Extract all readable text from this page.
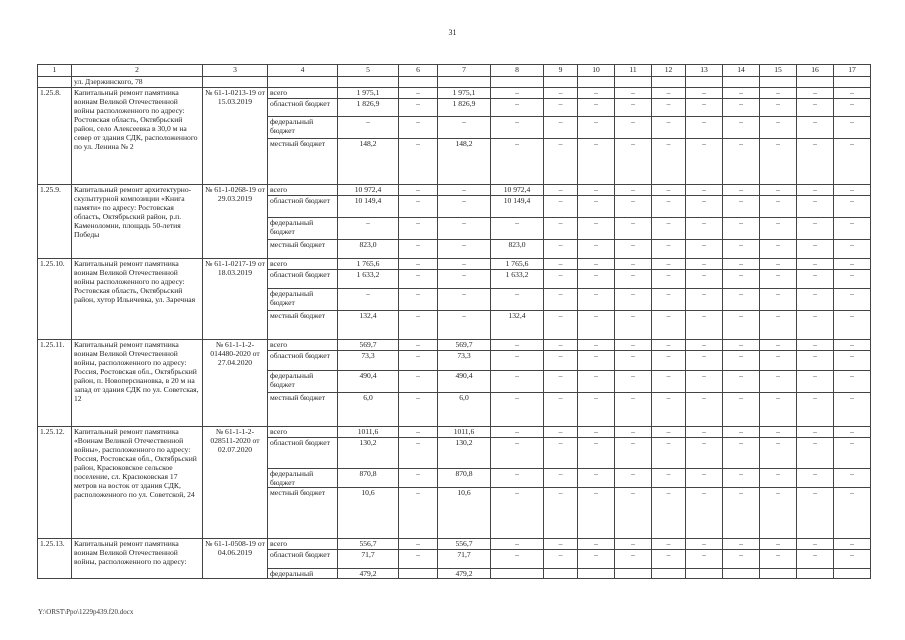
31
1	2	3	4	5	6	7	8	9	10	11	12	13	14	15	16	17
	ул. Дзержинского, 78															
1.25.8.	Капитальный ремонт памятника воинам Великой Отечественной войны расположенного по адресу: Ростовская область, Октябрьский район, село Алексеевка в 30,0 м на север от здания СДК, расположенного по ул. Ленина № 2	№ 61-1-0213-19 от 15.03.2019	всего	1 975,1	–	1 975,1	–	–	–	–	–	–	–	–	–	–
			областной бюджет	1 826,9	–	1 826,9	–	–	–	–	–	–	–	–	–	–
			федеральный бюджет	–	–	–	–	–	–	–	–	–	–	–	–	–
			местный бюджет	148,2	–	148,2	–	–	–	–	–	–	–	–	–	–
1.25.9.	Капитальный ремонт архитектурно-скульптурной композиции «Книга памяти» по адресу: Ростовская область, Октябрьский район, р.п. Каменоломни, площадь 50-летия Победы	№ 61-1-0268-19 от 29.03.2019	всего	10 972,4	–	–	10 972,4	–	–	–	–	–	–	–	–	–
			областной бюджет	10 149,4	–	–	10 149,4	–	–	–	–	–	–	–	–	–
			федеральный бюджет	–	–	–	–	–	–	–	–	–	–	–	–	–
			местный бюджет	823,0	–	–	823,0	–	–	–	–	–	–	–	–	–
1.25.10.	Капитальный ремонт памятника воинам Великой Отечественной войны расположенного по адресу: Ростовская область, Октябрьский район, хутор Ильичевка, ул. Заречная	№ 61-1-0217-19 от 18.03.2019	всего	1 765,6	–	–	1 765,6	–	–	–	–	–	–	–	–	–
			областной бюджет	1 633,2	–	–	1 633,2	–	–	–	–	–	–	–	–	–
			федеральный бюджет	–	–	–	–	–	–	–	–	–	–	–	–	–
			местный бюджет	132,4	–	–	132,4	–	–	–	–	–	–	–	–	–
1.25.11.	Капитальный ремонт памятника воинам Великой Отечественной войны, расположенного по адресу: Россия, Ростовская обл., Октябрьский район, п. Новоперсиановка, в 20 м на запад от здания СДК по ул. Советская, 12	№ 61-1-1-2-014480-2020 от 27.04.2020	всего	569,7	–	569,7	–	–	–	–	–	–	–	–	–	–
			областной бюджет	73,3	–	73,3	–	–	–	–	–	–	–	–	–	–
			федеральный бюджет	490,4	–	490,4	–	–	–	–	–	–	–	–	–	–
			местный бюджет	6,0	–	6,0	–	–	–	–	–	–	–	–	–	–
1.25.12.	Капитальный ремонт памятника «Воинам Великой Отечественной войны», расположенного по адресу: Россия, Ростовская обл., Октябрьский район, Красюковское сельское поселение, сл. Красюковская 17 метров на восток от здания СДК, расположенного по ул. Советской, 24	№ 61-1-1-2-028511-2020 от 02.07.2020	всего	1011,6	–	1011,6	–	–	–	–	–	–	–	–	–	–
			областной бюджет	130,2	–	130,2	–	–	–	–	–	–	–	–	–	–
			федеральный бюджет	870,8	–	870,8	–	–	–	–	–	–	–	–	–	–
			местный бюджет	10,6	–	10,6	–	–	–	–	–	–	–	–	–	–
1.25.13.	Капитальный ремонт памятника воинам Великой Отечественной войны, расположенного по адресу:	№ 61-1-0508-19 от 04.06.2019	всего	556,7	–	556,7	–	–	–	–	–	–	–	–	–	–
			областной бюджет	71,7	–	71,7	–	–	–	–	–	–	–	–	–	–
			федеральный	479,2		479,2										
Y:\ORST\Ppo\1229p439.f20.docx
